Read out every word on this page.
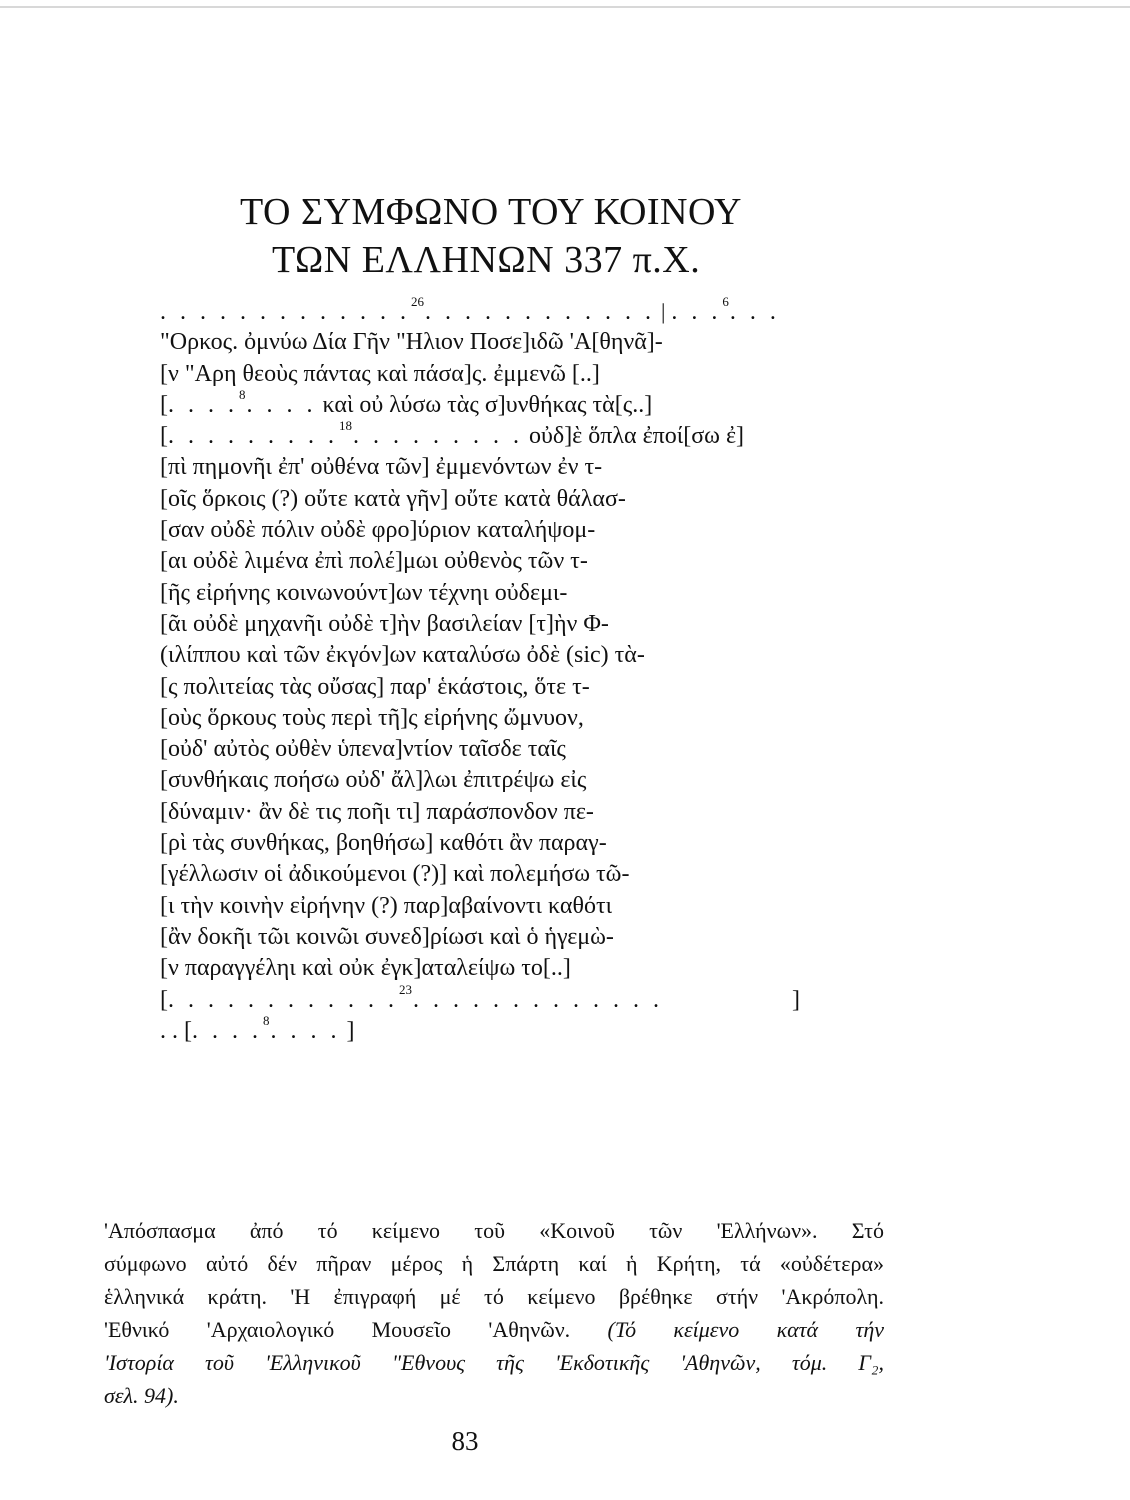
ΤΟ ΣΥΜΦΩΝΟ ΤΟΥ ΚΟΙΝΟΥ
ΤΩΝ ΕΛΛΗΝΩΝ 337 π.Χ.
. . . . . . . . . . . . .$^{26}$. . . . . . . . . . . . | . . .$^6$. . .
"Ορκος. ὀμνύω Δία Γῆν "Ηλιον Ποσε]ιδῶ 'Α[θηνᾶ]-
[ν "Αρη θεοὺς πάντας καὶ πάσα]ς. ἐμμενῶ [..]
[. . . .$^8$. . . . καὶ οὐ λύσω τὰς σ]υνθήκας τὰ[ς..]
[. . . . . . . . .$^{18}$. . . . . . . . . οὐδ]ὲ ὅπλα ἐποί[σω ἐ]
[πὶ πημονῆι ἐπ' οὐθένα τῶν] ἐμμενόντων ἐν τ-
[οῖς ὅρκοις (?) οὔτε κατὰ γῆν] οὔτε κατὰ θάλασ-
[σαν οὐδὲ πόλιν οὐδὲ φρο]ύριον καταλήψομ-
[αι οὐδὲ λιμένα ἐπὶ πολέ]μωι οὐθενὸς τῶν τ-
[ῆς εἰρήνης κοινωνούντ]ων τέχνηι οὐδεμι-
[ᾶι οὐδὲ μηχανῆι οὐδὲ τ]ὴν βασιλείαν [τ]ὴν Φ-
(ιλίππου καὶ τῶν ἐκγόν]ων καταλύσω ὀδὲ (sic) τὰ-
[ς πολιτείας τὰς οὔσας] παρ' ἑκάστοις, ὅτε τ-
[οὺς ὅρκους τοὺς περὶ τῆ]ς εἰρήνης ὤμνυον,
[οὐδ' αὐτὸς οὐθὲν ὑπενα]ντίον ταῖσδε ταῖς
[συνθήκαις ποήσω οὐδ' ἄλ]λωι ἐπιτρέψω εἰς
[δύναμιν· ἂν δὲ τις ποῆι τι] παράσπονδον πε-
[ρὶ τὰς συνθήκας, βοηθήσω] καθότι ἂν παραγ-
[γέλλωσιν οἱ ἀδικούμενοι (?)] καὶ πολεμήσω τῶ-
[ι τὴν κοινὴν εἰρήνην (?) παρ]αβαίνοντι καθότι
[ἂν δοκῆι τῶι κοινῶι συνεδ]ρίωσι καὶ ὁ ἡγεμὼ-
[ν παραγγέληι καὶ οὐκ ἐγκ]αταλείψω το[..]
[. . . . . . . . . . . .$^{23}$. . . . . . . . . . . . .	]
. . [. . . .$^8$. . . . ]
'Απόσπασμα ἀπό τό κείμενο τοῦ «Κοινοῦ τῶν 'Ελλήνων». Στό
σύμφωνο αὐτό δέν πῆραν μέρος ἡ Σπάρτη καί ἡ Κρήτη, τά «οὐδέτερα»
ἑλληνικά κράτη. 'Η ἐπιγραφή μέ τό κείμενο βρέθηκε στήν 'Ακρόπολη.
'Εθνικό 'Αρχαιολογικό Μουσεῖο 'Αθηνῶν. (Τό κείμενο κατά τήν
'Ιστορία τοῦ 'Ελληνικοῦ "Εθνους τῆς 'Εκδοτικῆς 'Αθηνῶν, τόμ. Γ₂,
σελ. 94).
83
